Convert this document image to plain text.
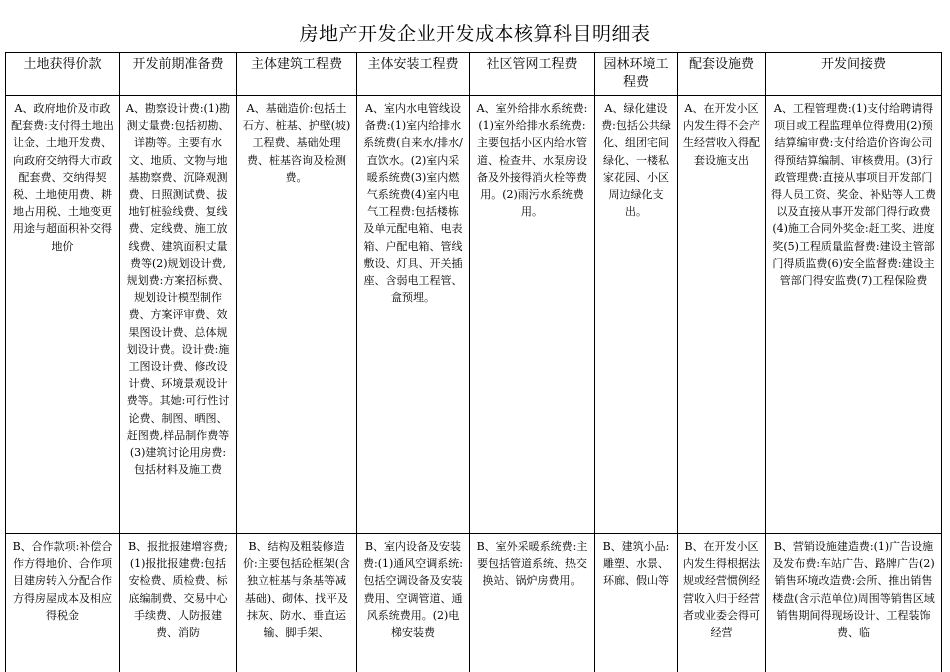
房地产开发企业开发成本核算科目明细表
土地获得价款	开发前期准备费	主体建筑工程费	主体安装工程费	社区管网工程费	园林环境工程费	配套设施费	开发间接费
A、政府地价及市政配套费:支付得土地出让金、土地开发费、向政府交纳得大市政配套费、交纳得契税、土地使用费、耕地占用税、土地变更用途与超面积补交得地价	A、勘察设计费:(1)勘测丈量费:包括初勘、详勘等。主要有水文、地质、文物与地基勘察费、沉降观测费、日照测试费、拔地钉桩验线费、复线费、定线费、施工放线费、建筑面积丈量费等(2)规划设计费,规划费:方案招标费、规划设计模型制作费、方案评审费、效果图设计费、总体规划设计费。设计费:施工图设计费、修改设计费、环境景观设计费等。其她:可行性讨论费、制图、晒图、赶图费,样品制作费等(3)建筑讨论用房费:包括材料及施工费	A、基础造价:包括土石方、桩基、护壁(坡)工程费、基础处理费、桩基咨询及检测费。	A、室内水电管线设备费:(1)室内给排水系统费(自来水/排水/直饮水。(2)室内采暖系统费(3)室内燃气系统费(4)室内电气工程费:包括楼栋及单元配电箱、电表箱、户配电箱、管线敷设、灯具、开关插座、含弱电工程管、盒预埋。	A、室外给排水系统费:(1)室外给排水系统费:主要包括小区内给水管道、检查井、水泵房设备及外接得消火栓等费用。(2)雨污水系统费用。	A、绿化建设费:包括公共绿化、组团宅间绿化、一楼私家花园、小区周边绿化支出。	A、在开发小区内发生得不会产生经营收入得配套设施支出	A、工程管理费:(1)支付给聘请得项目或工程监理单位得费用(2)预结算编审费:支付给造价咨询公司得预结算编制、审核费用。(3)行政管理费:直接从事项目开发部门得人员工资、奖金、补贴等人工费以及直接从事开发部门得行政费(4)施工合同外奖金:赶工奖、进度奖(5)工程质量监督费:建设主管部门得质监费(6)安全监督费:建设主管部门得安监费(7)工程保险费
B、合作款项:补偿合作方得地价、合作项目建房转入分配合作方得房屋成本及相应得税金	B、报批报建增容费;(1)报批报建费:包括安检费、质检费、标底编制费、交易中心手续费、人防报建费、消防	B、结构及粗装修造价:主要包括砼框架(含独立桩基与条基等减基础)、砌体、找平及抹灰、防水、垂直运输、脚手架、	B、室内设备及安装费:(1)通风空调系统:包括空调设备及安装费用、空调管道、通风系统费用。(2)电梯安装费	B、室外采暖系统费:主要包括管道系统、热交换站、锅炉房费用。	B、建筑小品:雕塑、水景、环廊、假山等	B、在开发小区内发生得根据法规或经营惯例经营收入归于经营者或业委会得可经营	B、营销设施建造费:(1)广告设施及发布费:车站广告、路牌广告(2)销售环境改造费:会所、推出销售楼盘(含示范单位)周围等销售区域销售期间得现场设计、工程装饰费、临
